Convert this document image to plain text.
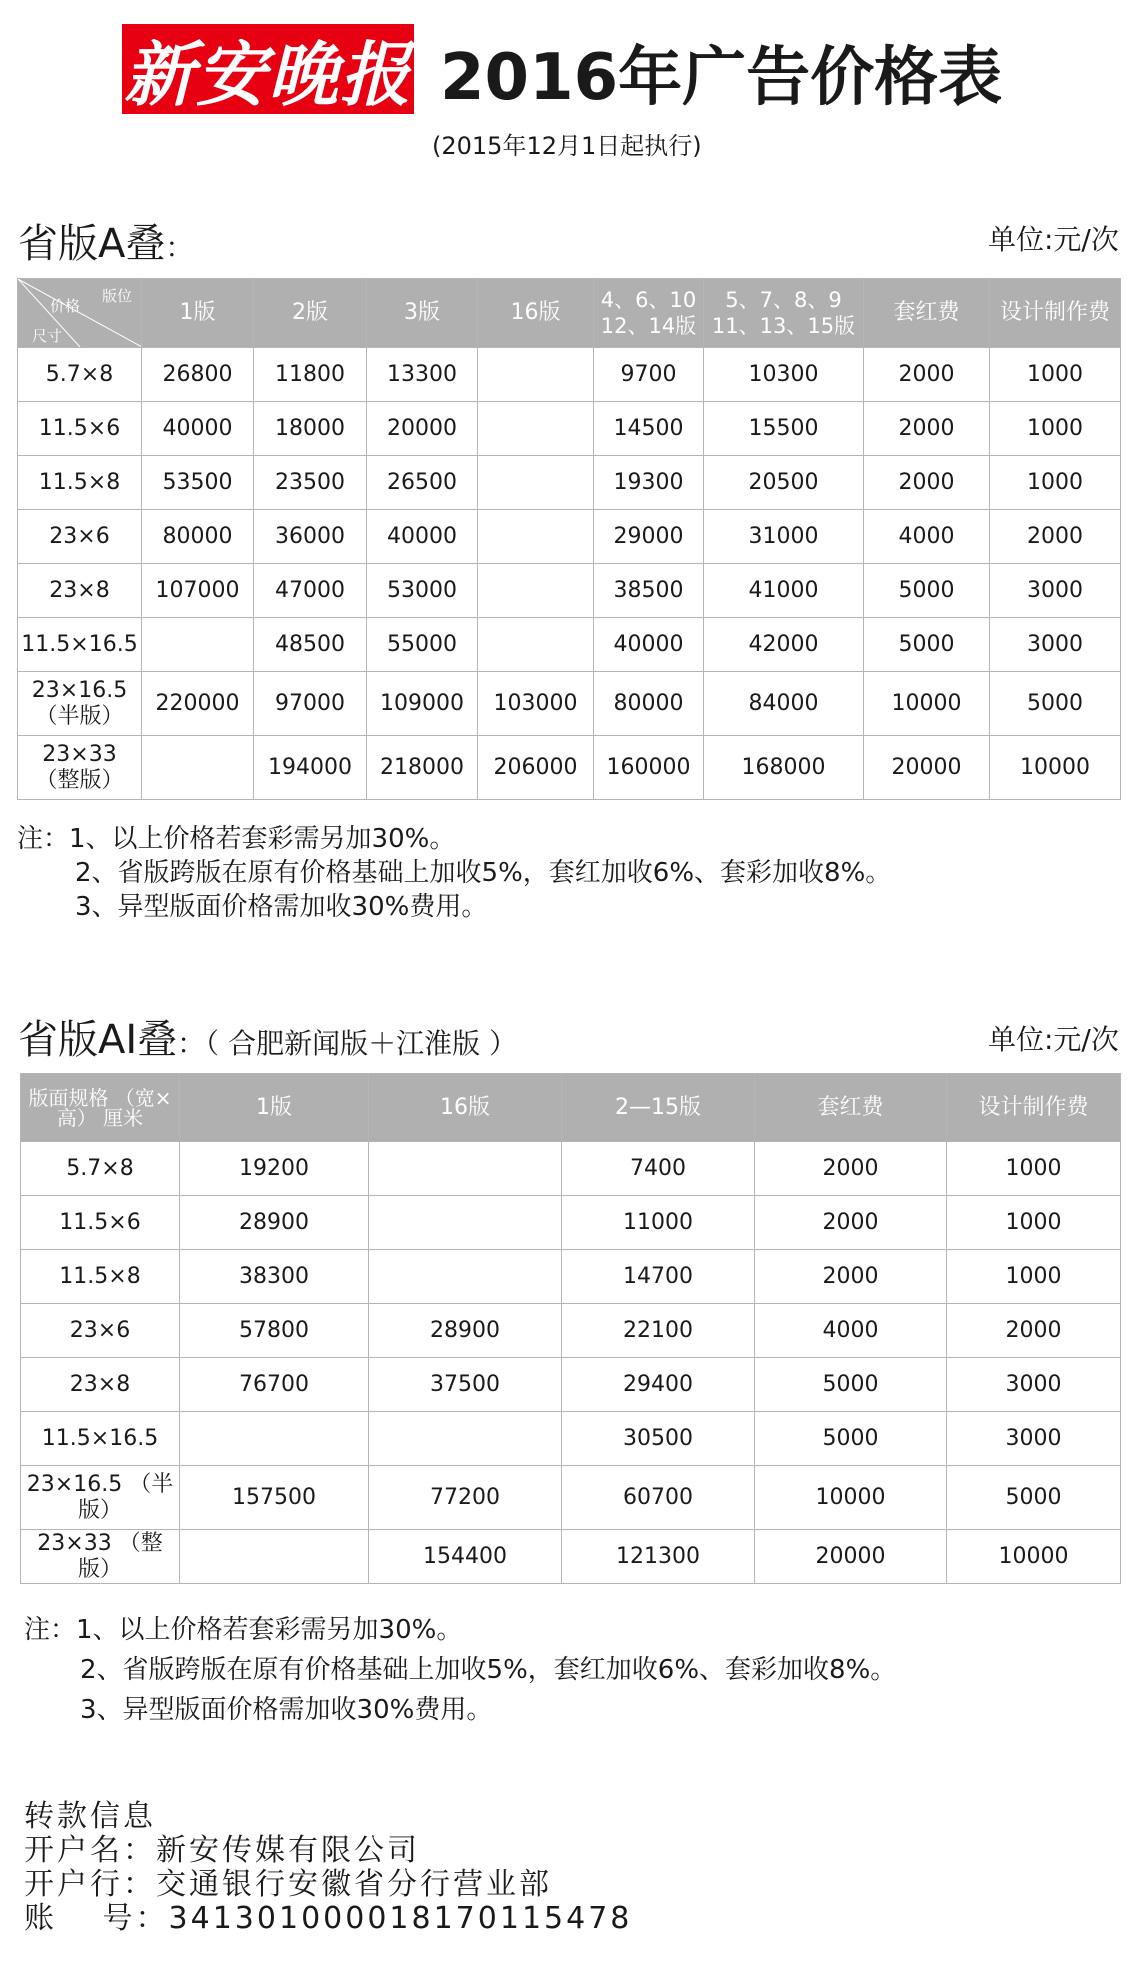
新安晚报 2016年广告价格表
(2015年12月1日起执行)
省版A叠：	单位:元/次
版位
价格
尺寸	1版	2版	3版	16版	4、6、10 12、14版	5、7、8、9 11、13、15版	套红费	设计制作费
5.7×8	26800	11800	13300		9700	10300	2000	1000
11.5×6	40000	18000	20000		14500	15500	2000	1000
11.5×8	53500	23500	26500		19300	20500	2000	1000
23×6	80000	36000	40000		29000	31000	4000	2000
23×8	107000	47000	53000		38500	41000	5000	3000
11.5×16.5		48500	55000		40000	42000	5000	3000
23×16.5 （半版）	220000	97000	109000	103000	80000	84000	10000	5000
23×33 （整版）		194000	218000	206000	160000	168000	20000	10000
注：1、以上价格若套彩需另加30%。
2、省版跨版在原有价格基础上加收5%，套红加收6%、套彩加收8%。
3、异型版面价格需加收30%费用。
省版AI叠：（ 合肥新闻版＋江淮版 ）	单位:元/次
版面规格 （宽×高） 厘米	1版	16版	2—15版	套红费	设计制作费
5.7×8	19200		7400	2000	1000
11.5×6	28900		11000	2000	1000
11.5×8	38300		14700	2000	1000
23×6	57800	28900	22100	4000	2000
23×8	76700	37500	29400	5000	3000
11.5×16.5			30500	5000	3000
23×16.5 （半版）	157500	77200	60700	10000	5000
23×33 （整版）		154400	121300	20000	10000
注：1、以上价格若套彩需另加30%。
2、省版跨版在原有价格基础上加收5%，套红加收6%、套彩加收8%。
3、异型版面价格需加收30%费用。
转款信息
开户名：新安传媒有限公司
开户行：交通银行安徽省分行营业部
账　 号：341301000018170115478
